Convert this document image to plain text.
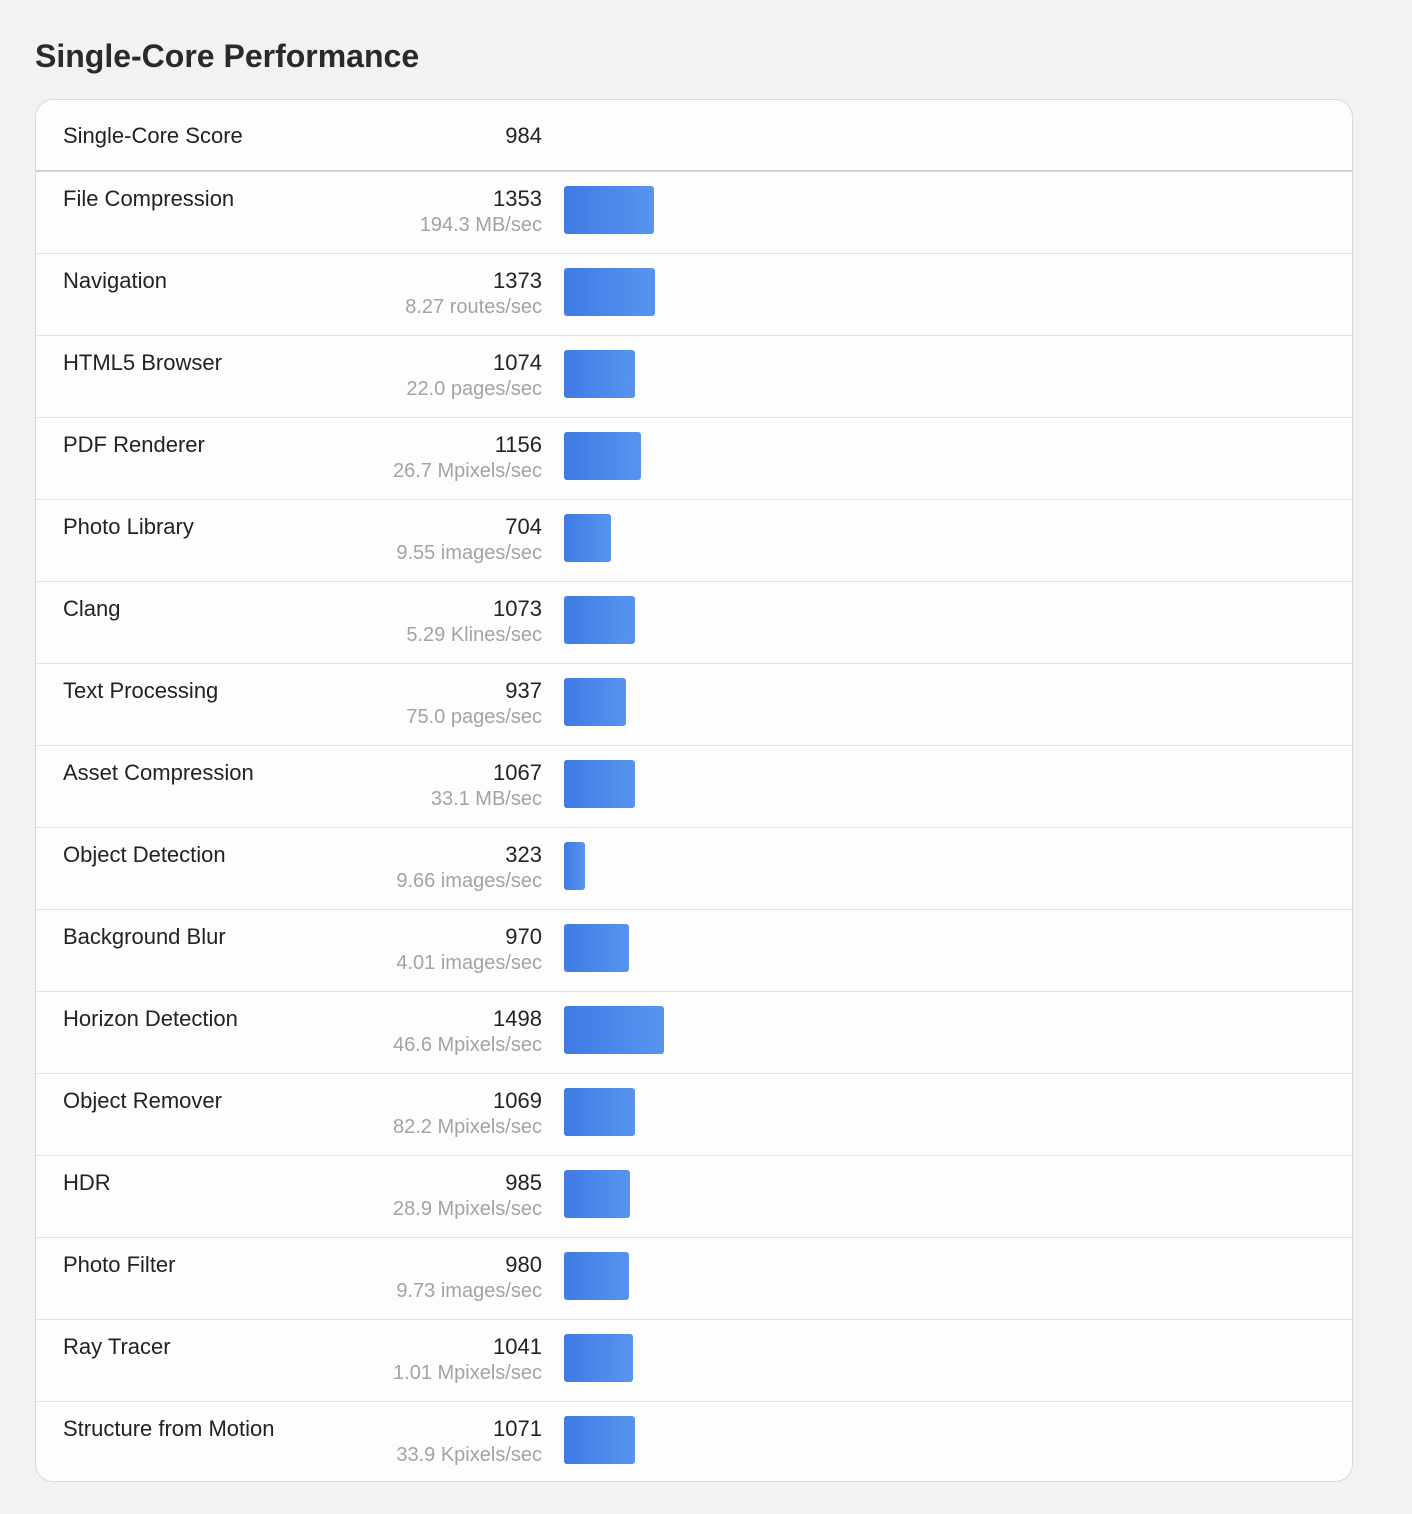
Single-Core Performance
Single-Core Score	984
File Compression	1353
194.3 MB/sec
Navigation	1373
8.27 routes/sec
HTML5 Browser	1074
22.0 pages/sec
PDF Renderer	1156
26.7 Mpixels/sec
Photo Library	704
9.55 images/sec
Clang	1073
5.29 Klines/sec
Text Processing	937
75.0 pages/sec
Asset Compression	1067
33.1 MB/sec
Object Detection	323
9.66 images/sec
Background Blur	970
4.01 images/sec
Horizon Detection	1498
46.6 Mpixels/sec
Object Remover	1069
82.2 Mpixels/sec
HDR	985
28.9 Mpixels/sec
Photo Filter	980
9.73 images/sec
Ray Tracer	1041
1.01 Mpixels/sec
Structure from Motion	1071
33.9 Kpixels/sec
